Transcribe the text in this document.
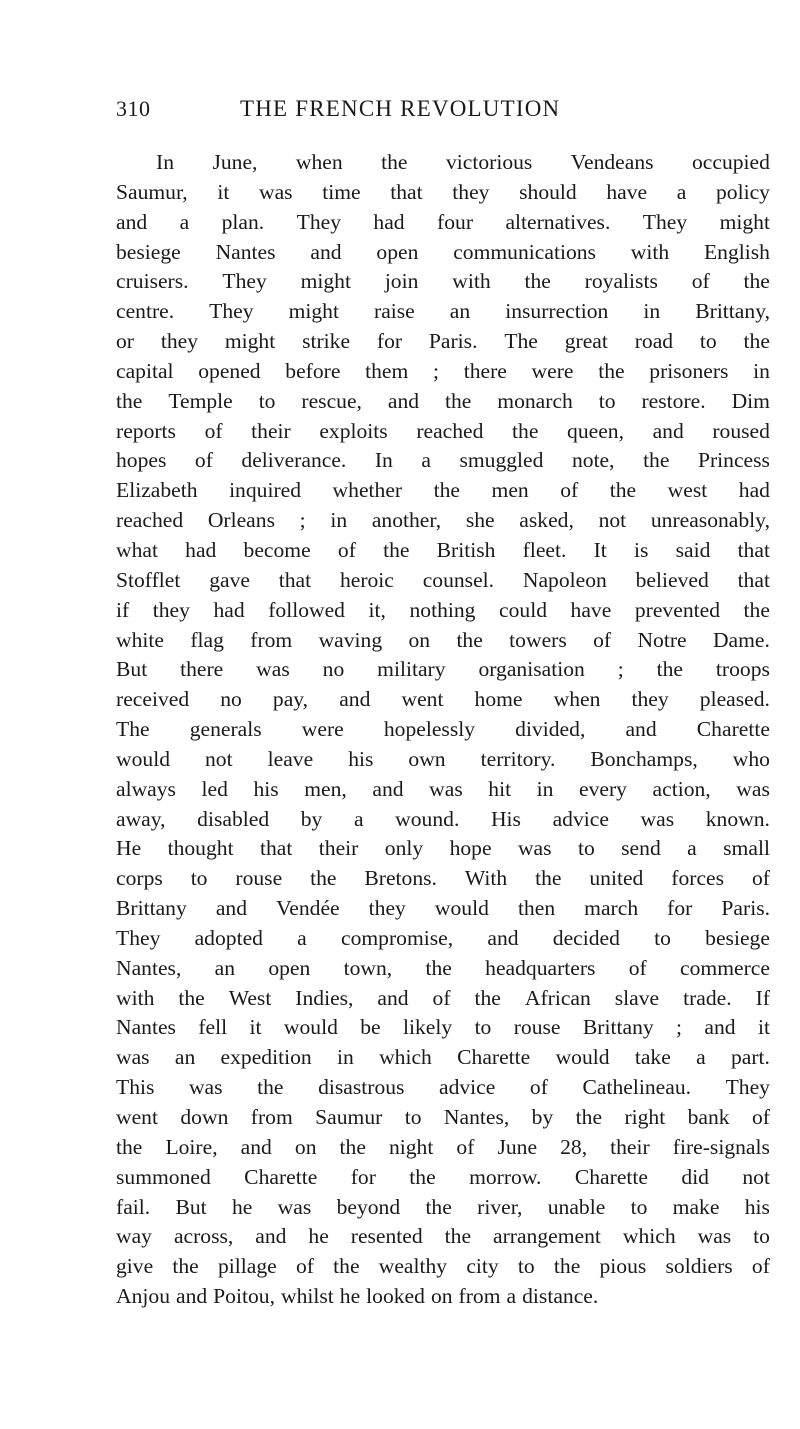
310	THE FRENCH REVOLUTION
In June, when the victorious Vendeans occupied
Saumur, it was time that they should have a policy
and a plan. They had four alternatives. They might
besiege Nantes and open communications with English
cruisers. They might join with the royalists of the
centre. They might raise an insurrection in Brittany,
or they might strike for Paris. The great road to the
capital opened before them ; there were the prisoners in
the Temple to rescue, and the monarch to restore. Dim
reports of their exploits reached the queen, and roused
hopes of deliverance. In a smuggled note, the Princess
Elizabeth inquired whether the men of the west had
reached Orleans ; in another, she asked, not unreasonably,
what had become of the British fleet. It is said that
Stofflet gave that heroic counsel. Napoleon believed that
if they had followed it, nothing could have prevented the
white flag from waving on the towers of Notre Dame.
But there was no military organisation ; the troops
received no pay, and went home when they pleased.
The generals were hopelessly divided, and Charette
would not leave his own territory. Bonchamps, who
always led his men, and was hit in every action, was
away, disabled by a wound. His advice was known.
He thought that their only hope was to send a small
corps to rouse the Bretons. With the united forces of
Brittany and Vendée they would then march for Paris.
They adopted a compromise, and decided to besiege
Nantes, an open town, the headquarters of commerce
with the West Indies, and of the African slave trade. If
Nantes fell it would be likely to rouse Brittany ; and it
was an expedition in which Charette would take a part.
This was the disastrous advice of Cathelineau. They
went down from Saumur to Nantes, by the right bank of
the Loire, and on the night of June 28, their fire-signals
summoned Charette for the morrow. Charette did not
fail. But he was beyond the river, unable to make his
way across, and he resented the arrangement which was to
give the pillage of the wealthy city to the pious soldiers of
Anjou and Poitou, whilst he looked on from a distance.
